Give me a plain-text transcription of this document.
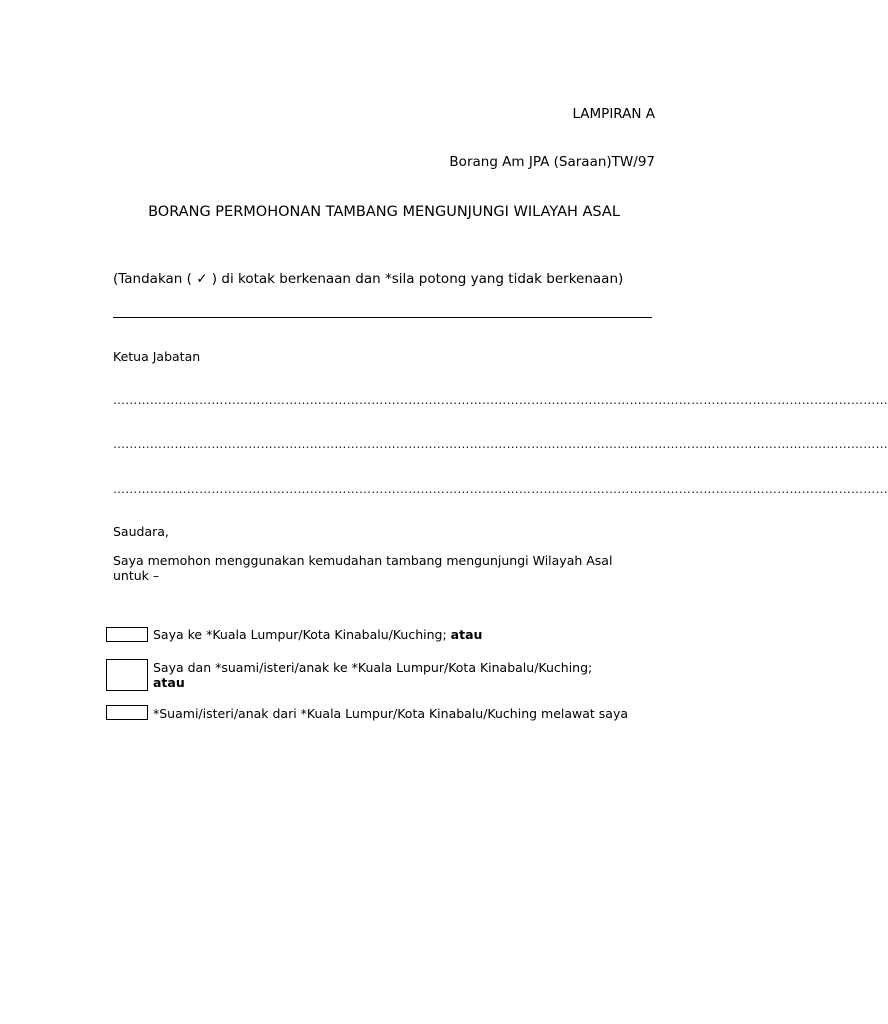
LAMPIRAN A
Borang Am JPA (Saraan)TW/97
BORANG PERMOHONAN TAMBANG MENGUNJUNGI WILAYAH ASAL
(Tandakan ( ✓ ) di kotak berkenaan dan *sila potong yang tidak berkenaan)
Ketua Jabatan
………………………………………………………………………………………………………………………………………………………………………
………………………………………………………………………………………………………………………………………………………………………
………………………………………………………………………………………………………………………………………………………………………
Saudara,
Saya memohon menggunakan kemudahan tambang mengunjungi Wilayah Asal untuk –
Saya ke *Kuala Lumpur/Kota Kinabalu/Kuching; atau
Saya dan *suami/isteri/anak ke *Kuala Lumpur/Kota Kinabalu/Kuching; atau
*Suami/isteri/anak dari *Kuala Lumpur/Kota Kinabalu/Kuching melawat saya
